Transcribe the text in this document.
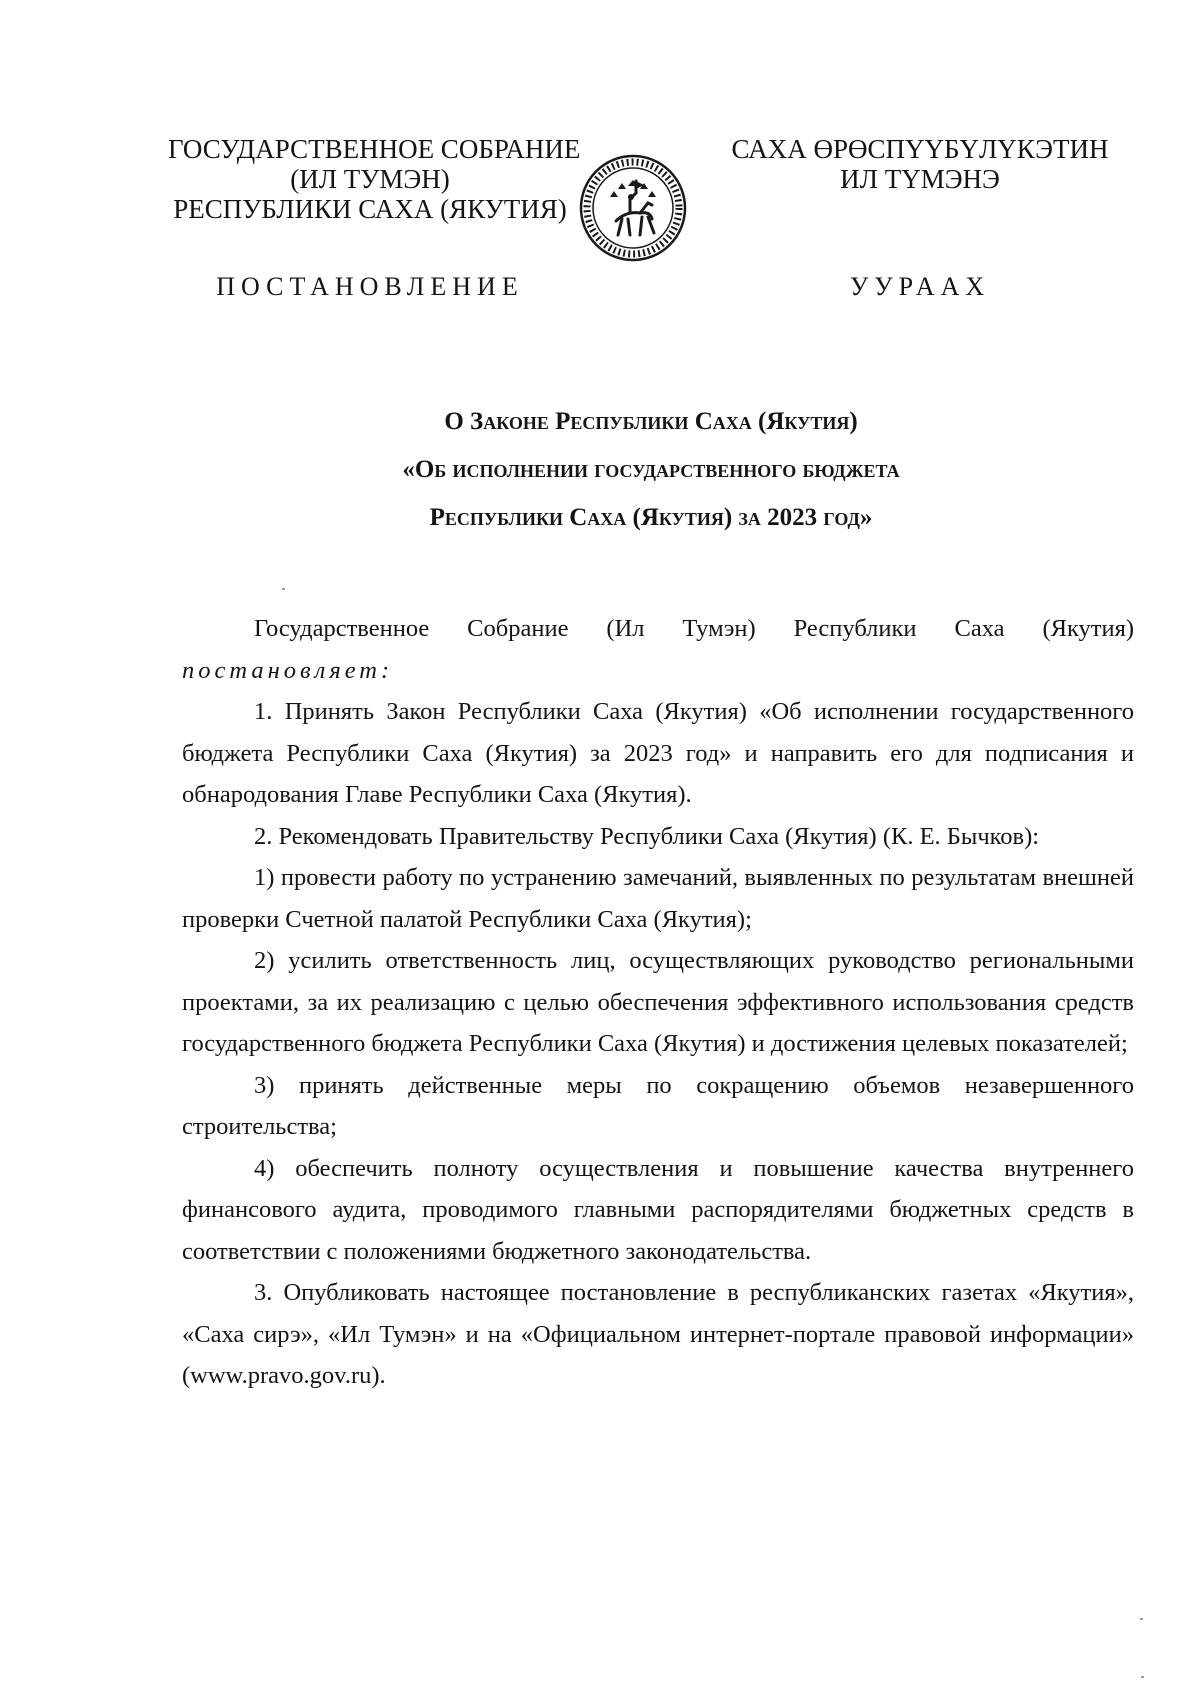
ГОСУДАРСТВЕННОЕ СОБРАНИЕ
(ИЛ ТУМЭН)
РЕСПУБЛИКИ САХА (ЯКУТИЯ)
САХА ӨРӨСПҮҮБҮЛҮКЭТИН
ИЛ ТҮМЭНЭ
ПОСТАНОВЛЕНИЕ	УУРААХ
О Законе Республики Саха (Якутия)
«Об исполнении государственного бюджета
Республики Саха (Якутия) за 2023 год»

Государственное Собрание (Ил Тумэн) Республики Саха (Якутия)

постановляет:

1. Принять Закон Республики Саха (Якутия) «Об исполнении государственного бюджета Республики Саха (Якутия) за 2023 год» и направить его для подписания и обнародования Главе Республики Саха (Якутия).

2. Рекомендовать Правительству Республики Саха (Якутия) (К. Е. Бычков):

1) провести работу по устранению замечаний, выявленных по результатам внешней проверки Счетной палатой Республики Саха (Якутия);

2) усилить ответственность лиц, осуществляющих руководство региональными проектами, за их реализацию с целью обеспечения эффективного использования средств государственного бюджета Республики Саха (Якутия) и достижения целевых показателей;

3) принять действенные меры по сокращению объемов незавершенного строительства;

4) обеспечить полноту осуществления и повышение качества внутреннего финансового аудита, проводимого главными распорядителями бюджетных средств в соответствии с положениями бюджетного законодательства.

3. Опубликовать настоящее постановление в республиканских газетах «Якутия», «Саха сирэ», «Ил Тумэн» и на «Официальном интернет-портале правовой информации» (www.pravo.gov.ru).
